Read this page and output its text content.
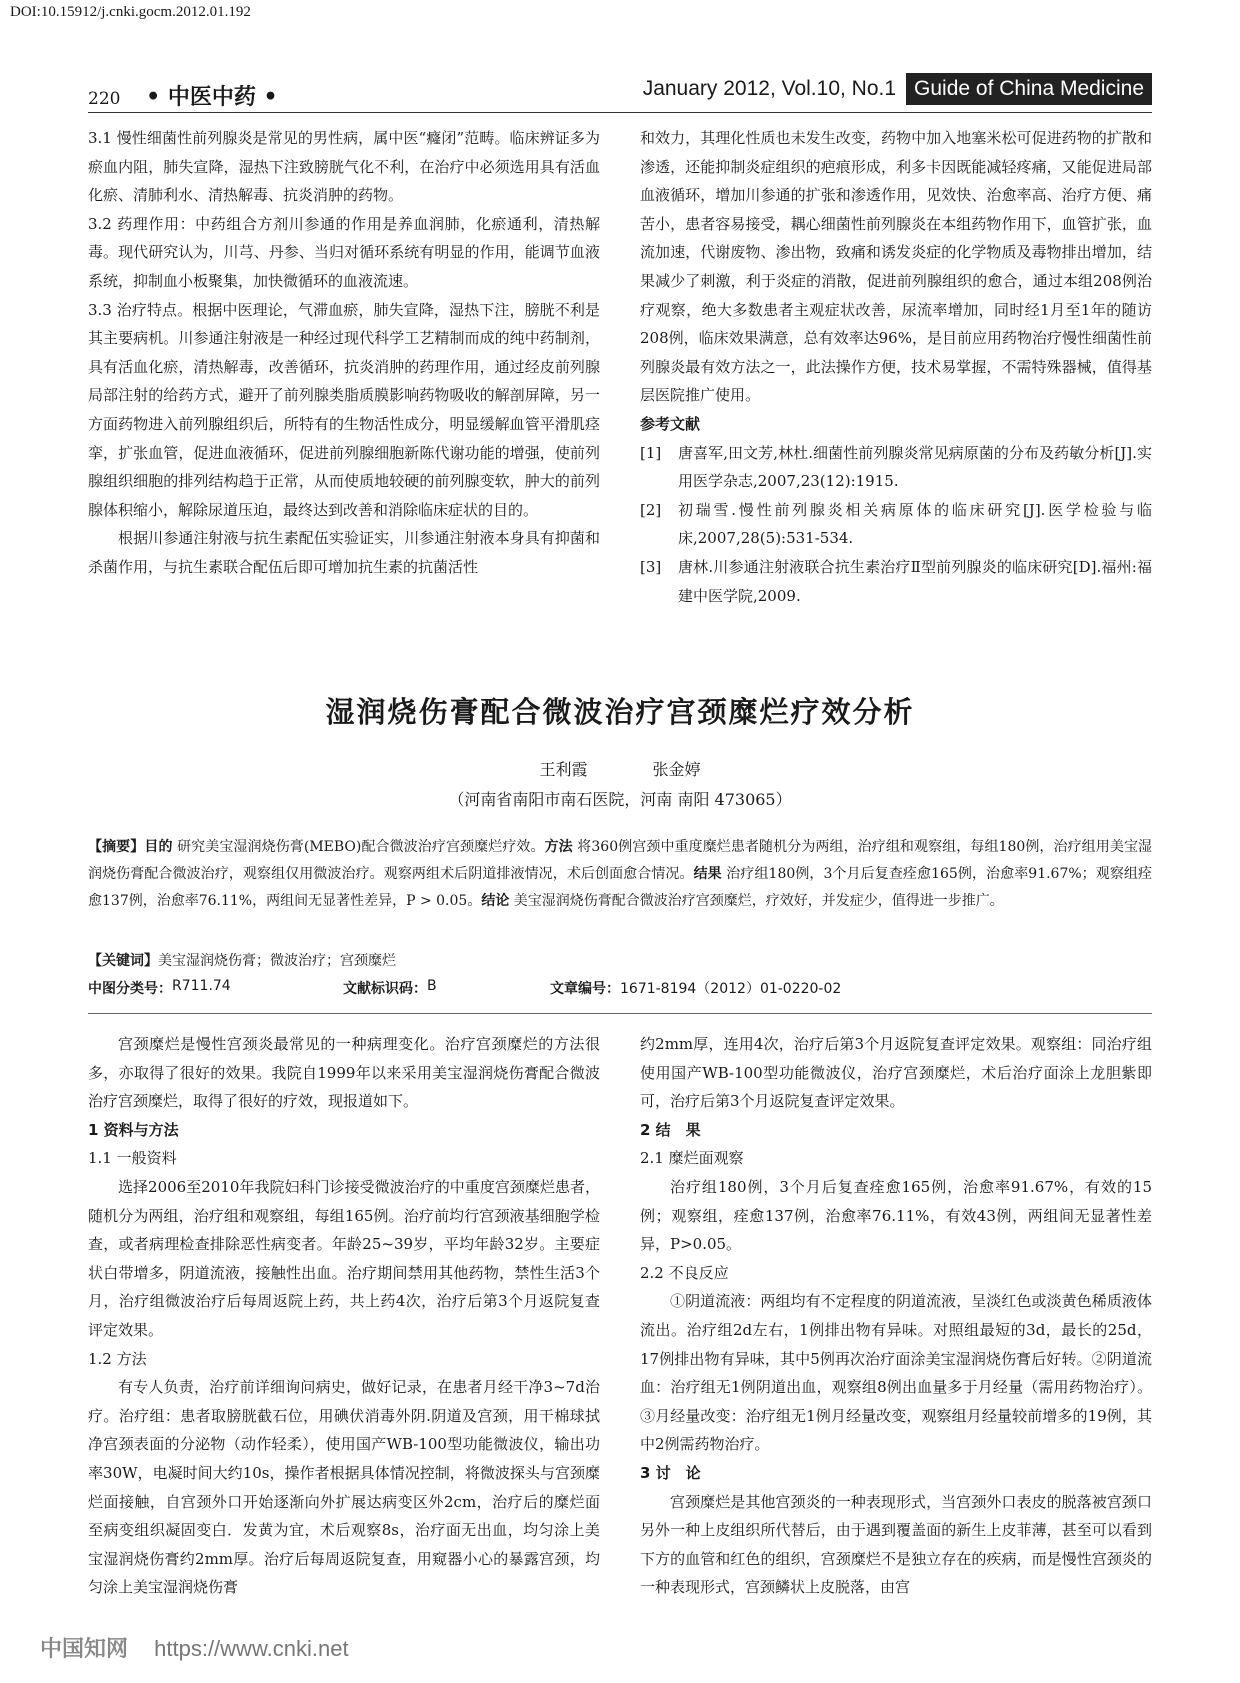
DOI:10.15912/j.cnki.gocm.2012.01.192
220 • 中医中药 •	January 2012, Vol.10, No.1 Guide of China Medicine

3.1 慢性细菌性前列腺炎是常见的男性病，属中医“癃闭”范畴。临床辨证多为瘀血内阻，肺失宣降，湿热下注致膀胱气化不利，在治疗中必须选用具有活血化瘀、清肺利水、清热解毒、抗炎消肿的药物。

3.2 药理作用：中药组合方剂川参通的作用是养血润肺，化瘀通利，清热解毒。现代研究认为，川芎、丹参、当归对循环系统有明显的作用，能调节血液系统，抑制血小板聚集，加快微循环的血液流速。

3.3 治疗特点。根据中医理论，气滞血瘀，肺失宣降，湿热下注，膀胱不利是其主要病机。川参通注射液是一种经过现代科学工艺精制而成的纯中药制剂，具有活血化瘀，清热解毒，改善循环，抗炎消肿的药理作用，通过经皮前列腺局部注射的给药方式，避开了前列腺类脂质膜影响药物吸收的解剖屏障，另一方面药物进入前列腺组织后，所特有的生物活性成分，明显缓解血管平滑肌痉挛，扩张血管，促进血液循环，促进前列腺细胞新陈代谢功能的增强，使前列腺组织细胞的排列结构趋于正常，从而使质地较硬的前列腺变软，肿大的前列腺体积缩小，解除尿道压迫，最终达到改善和消除临床症状的目的。

根据川参通注射液与抗生素配伍实验证实，川参通注射液本身具有抑菌和杀菌作用，与抗生素联合配伍后即可增加抗生素的抗菌活性

和效力，其理化性质也未发生改变，药物中加入地塞米松可促进药物的扩散和渗透，还能抑制炎症组织的疤痕形成，利多卡因既能减轻疼痛，又能促进局部血液循环，增加川参通的扩张和渗透作用，见效快、治愈率高、治疗方便、痛苦小，患者容易接受，耦心细菌性前列腺炎在本组药物作用下，血管扩张，血流加速，代谢废物、渗出物，致痛和诱发炎症的化学物质及毒物排出增加，结果减少了刺激，利于炎症的消散，促进前列腺组织的愈合，通过本组208例治疗观察，绝大多数患者主观症状改善，尿流率增加，同时经1月至1年的随访208例，临床效果满意，总有效率达96%，是目前应用药物治疗慢性细菌性前列腺炎最有效方法之一，此法操作方便，技术易掌握，不需特殊器械，值得基层医院推广使用。

参考文献

[1]	唐喜军,田文芳,林杜.细菌性前列腺炎常见病原菌的分布及药敏分析[J].实用医学杂志,2007,23(12):1915.
[2]	初瑞雪.慢性前列腺炎相关病原体的临床研究[J].医学检验与临床,2007,28(5):531-534.
[3]	唐林.川参通注射液联合抗生素治疗Ⅱ型前列腺炎的临床研究[D].福州:福建中医学院,2009.
湿润烧伤膏配合微波治疗宫颈糜烂疗效分析
王利霞	张金婷
（河南省南阳市南石医院，河南 南阳 473065）
【摘要】目的 研究美宝湿润烧伤膏(MEBO)配合微波治疗宫颈糜烂疗效。方法 将360例宫颈中重度糜烂患者随机分为两组，治疗组和观察组，每组180例，治疗组用美宝湿润烧伤膏配合微波治疗，观察组仅用微波治疗。观察两组术后阴道排液情况，术后创面愈合情况。结果 治疗组180例，3个月后复查痊愈165例，治愈率91.67%；观察组痊愈137例，治愈率76.11%，两组间无显著性差异，P > 0.05。结论 美宝湿润烧伤膏配合微波治疗宫颈糜烂，疗效好，并发症少，值得进一步推广。
【关键词】美宝湿润烧伤膏；微波治疗；宫颈糜烂
中图分类号： R711.74	文献标识码： B	文章编号： 1671-8194（2012）01-0220-02

宫颈糜烂是慢性宫颈炎最常见的一种病理变化。治疗宫颈糜烂的方法很多，亦取得了很好的效果。我院自1999年以来采用美宝湿润烧伤膏配合微波治疗宫颈糜烂，取得了很好的疗效，现报道如下。

1 资料与方法

1.1 一般资料

选择2006至2010年我院妇科门诊接受微波治疗的中重度宫颈糜烂患者，随机分为两组，治疗组和观察组，每组165例。治疗前均行宫颈液基细胞学检查，或者病理检查排除恶性病变者。年龄25~39岁，平均年龄32岁。主要症状白带增多，阴道流液，接触性出血。治疗期间禁用其他药物，禁性生活3个月，治疗组微波治疗后每周返院上药，共上药4次，治疗后第3个月返院复查评定效果。

1.2 方法

有专人负责，治疗前详细询问病史，做好记录，在患者月经干净3~7d治疗。治疗组：患者取膀胱截石位，用碘伏消毒外阴.阴道及宫颈，用干棉球拭净宫颈表面的分泌物（动作轻柔），使用国产WB-100型功能微波仪，输出功率30W，电凝时间大约10s，操作者根据具体情况控制，将微波探头与宫颈糜烂面接触，自宫颈外口开始逐渐向外扩展达病变区外2cm，治疗后的糜烂面至病变组织凝固变白．发黄为宜，术后观察8s，治疗面无出血，均匀涂上美宝湿润烧伤膏约2mm厚。治疗后每周返院复查，用窥器小心的暴露宫颈，均匀涂上美宝湿润烧伤膏

约2mm厚，连用4次，治疗后第3个月返院复查评定效果。观察组：同治疗组使用国产WB-100型功能微波仪，治疗宫颈糜烂，术后治疗面涂上龙胆紫即可，治疗后第3个月返院复查评定效果。

2 结　果

2.1 糜烂面观察

治疗组180例，3个月后复查痊愈165例，治愈率91.67%，有效的15例；观察组，痊愈137例，治愈率76.11%，有效43例，两组间无显著性差异，P>0.05。

2.2 不良反应

①阴道流液：两组均有不定程度的阴道流液，呈淡红色或淡黄色稀质液体流出。治疗组2d左右，1例排出物有异味。对照组最短的3d，最长的25d，17例排出物有异味，其中5例再次治疗面涂美宝湿润烧伤膏后好转。②阴道流血：治疗组无1例阴道出血，观察组8例出血量多于月经量（需用药物治疗）。③月经量改变：治疗组无1例月经量改变，观察组月经量较前增多的19例，其中2例需药物治疗。

3 讨　论

宫颈糜烂是其他宫颈炎的一种表现形式，当宫颈外口表皮的脱落被宫颈口另外一种上皮组织所代替后，由于遇到覆盖面的新生上皮菲薄，甚至可以看到下方的血管和红色的组织，宫颈糜烂不是独立存在的疾病，而是慢性宫颈炎的一种表现形式，宫颈鳞状上皮脱落，由宫

中国知网 https://www.cnki.net
